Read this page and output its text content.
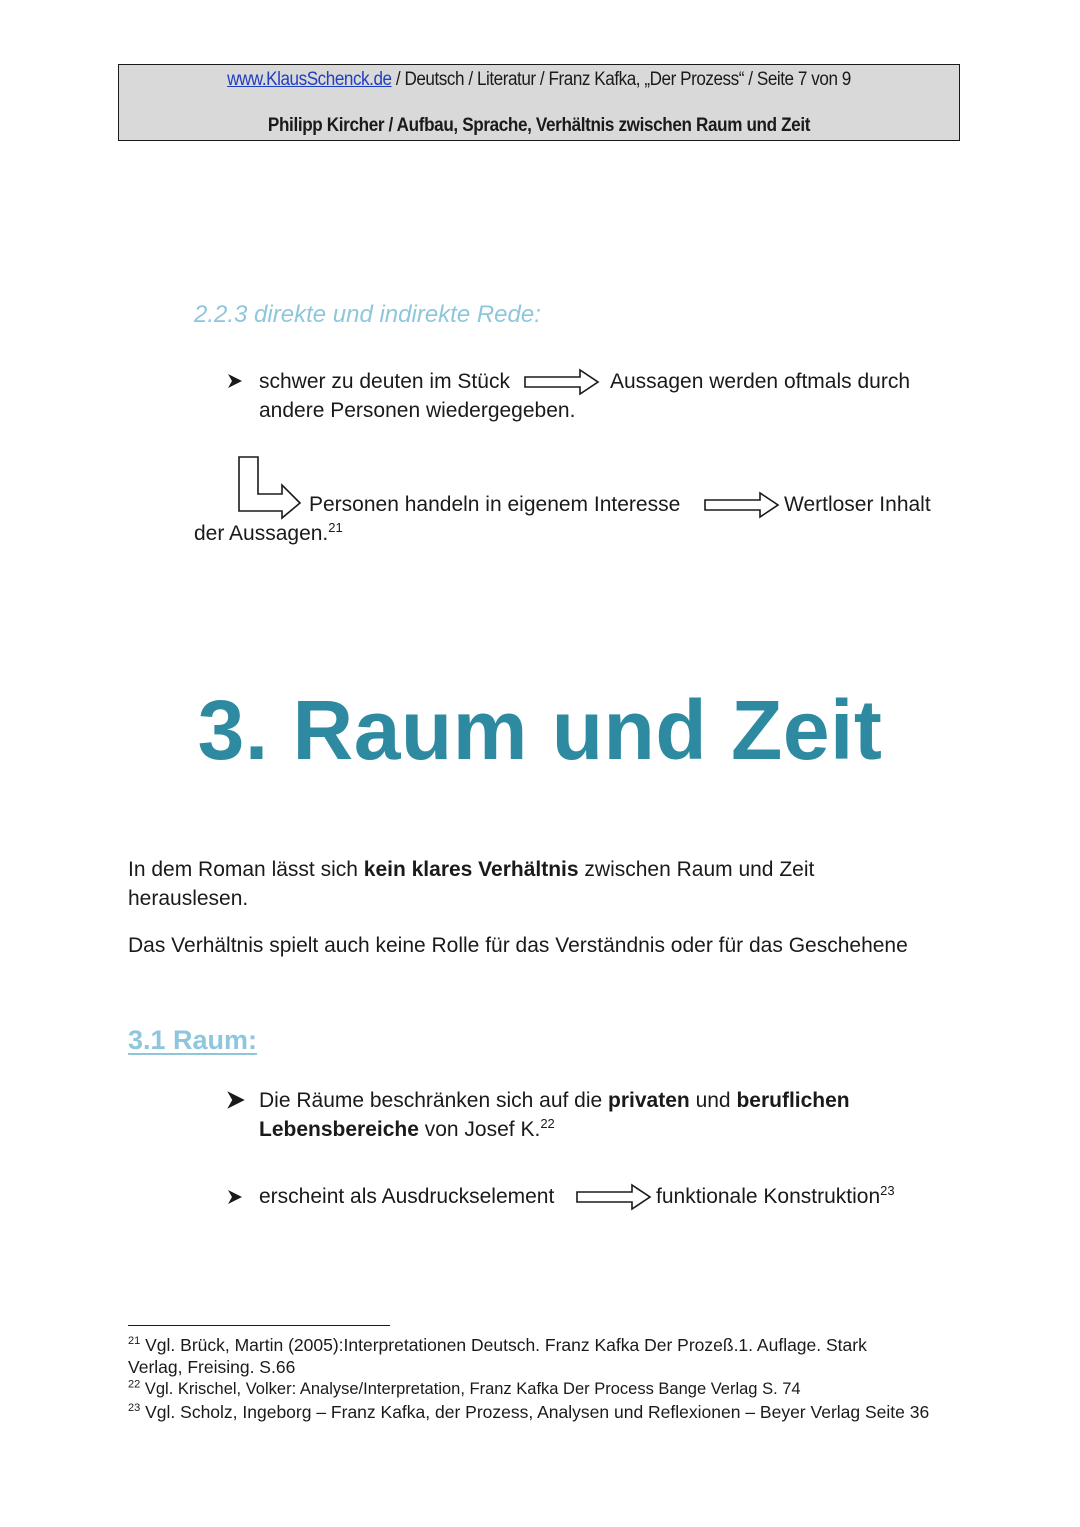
www.KlausSchenck.de / Deutsch / Literatur / Franz Kafka, „Der Prozess“ / Seite 7 von 9
Philipp Kircher / Aufbau, Sprache, Verhältnis zwischen Raum und Zeit
2.2.3 direkte und indirekte Rede:
schwer zu deuten im Stück	Aussagen werden oftmals durch
andere Personen wiedergegeben.
Personen handeln in eigenem Interesse	Wertloser Inhalt
der Aussagen.$^{21}$
3. Raum und Zeit
In dem Roman lässt sich kein klares Verhältnis zwischen Raum und Zeit
herauslesen.
Das Verhältnis spielt auch keine Rolle für das Verständnis oder für das Geschehene
3.1 Raum:
Die Räume beschränken sich auf die privaten und beruflichen
Lebensbereiche von Josef K.$^{22}$
erscheint als Ausdruckselement	funktionale Konstruktion$^{23}$
$^{21}$ Vgl. Brück, Martin (2005):Interpretationen Deutsch. Franz Kafka Der Prozeß.1. Auflage. Stark
Verlag, Freising. S.66
$^{22}$ Vgl. Krischel, Volker: Analyse/Interpretation, Franz Kafka Der Process Bange Verlag S. 74
$^{23}$ Vgl. Scholz, Ingeborg – Franz Kafka, der Prozess, Analysen und Reflexionen – Beyer Verlag Seite 36
